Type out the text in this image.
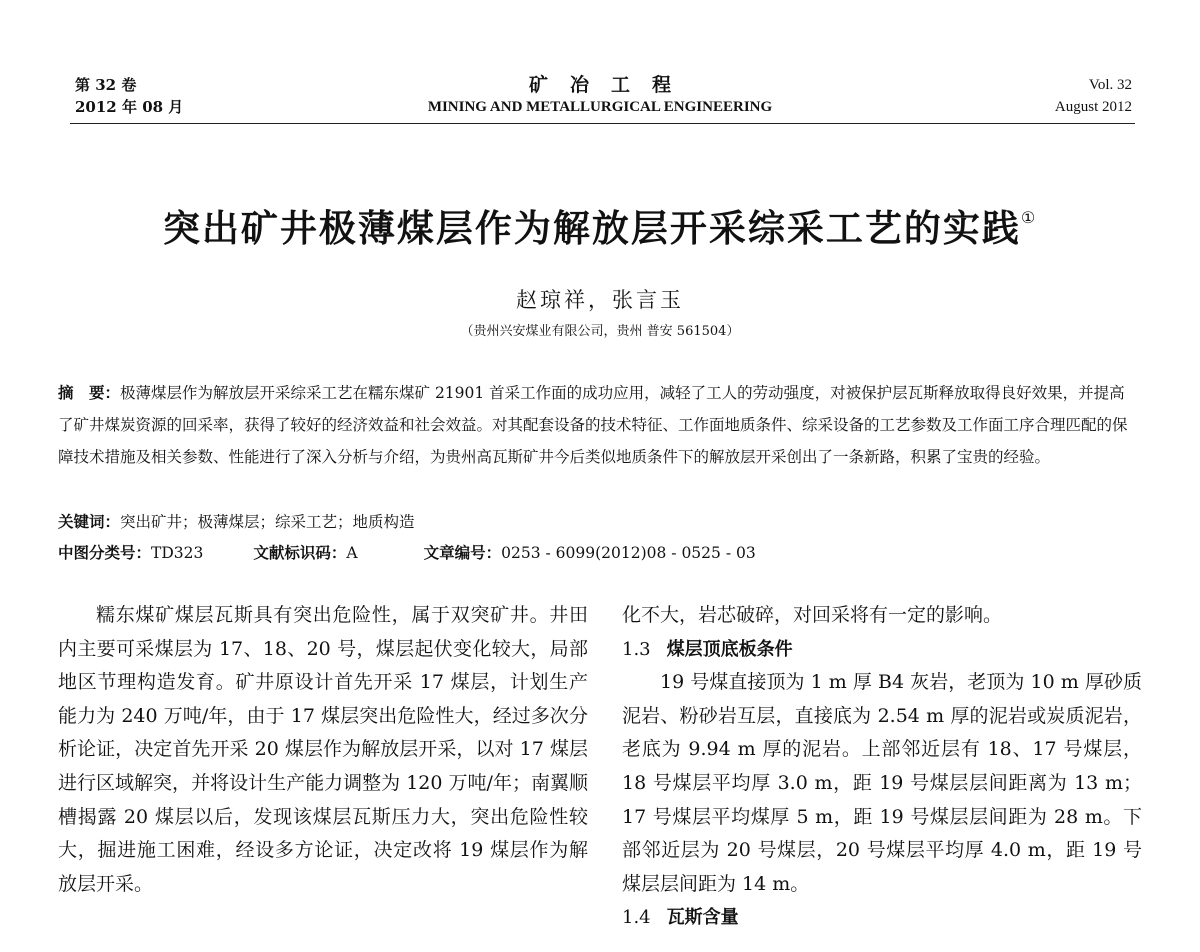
第 32 卷
2012 年 08 月
矿冶工程
MINING AND METALLURGICAL ENGINEERING
Vol. 32
August 2012
突出矿井极薄煤层作为解放层开采综采工艺的实践①
赵琼祥，张言玉
（贵州兴安煤业有限公司，贵州 普安 561504）
摘　要：极薄煤层作为解放层开采综采工艺在糯东煤矿 21901 首采工作面的成功应用，减轻了工人的劳动强度，对被保护层瓦斯释放取得良好效果，并提高了矿井煤炭资源的回采率，获得了较好的经济效益和社会效益。对其配套设备的技术特征、工作面地质条件、综采设备的工艺参数及工作面工序合理匹配的保障技术措施及相关参数、性能进行了深入分析与介绍，为贵州高瓦斯矿井今后类似地质条件下的解放层开采创出了一条新路，积累了宝贵的经验。
关键词：突出矿井；极薄煤层；综采工艺；地质构造
中图分类号：TD323	文献标识码：A	文章编号：0253 - 6099(2012)08 - 0525 - 03

糯东煤矿煤层瓦斯具有突出危险性，属于双突矿井。井田内主要可采煤层为 17、18、20 号，煤层起伏变化较大，局部地区节理构造发育。矿井原设计首先开采 17 煤层，计划生产能力为 240 万吨/年，由于 17 煤层突出危险性大，经过多次分析论证，决定首先开采 20 煤层作为解放层开采，以对 17 煤层进行区域解突，并将设计生产能力调整为 120 万吨/年；南翼顺槽揭露 20 煤层以后，发现该煤层瓦斯压力大，突出危险性较大，掘进施工困难，经设多方论证，决定改将 19 煤层作为解放层开采。

化不大，岩芯破碎，对回采将有一定的影响。

1.3 煤层顶底板条件

19 号煤直接顶为 1 m 厚 B4 灰岩，老顶为 10 m 厚砂质泥岩、粉砂岩互层，直接底为 2.54 m 厚的泥岩或炭质泥岩，老底为 9.94 m 厚的泥岩。上部邻近层有 18、17 号煤层，18 号煤层平均厚 3.0 m，距 19 号煤层层间距离为 13 m；17 号煤层平均煤厚 5 m，距 19 号煤层层间距为 28 m。下部邻近层为 20 号煤层，20 号煤层平均厚 4.0 m，距 19 号煤层层间距为 14 m。

1.4 瓦斯含量
